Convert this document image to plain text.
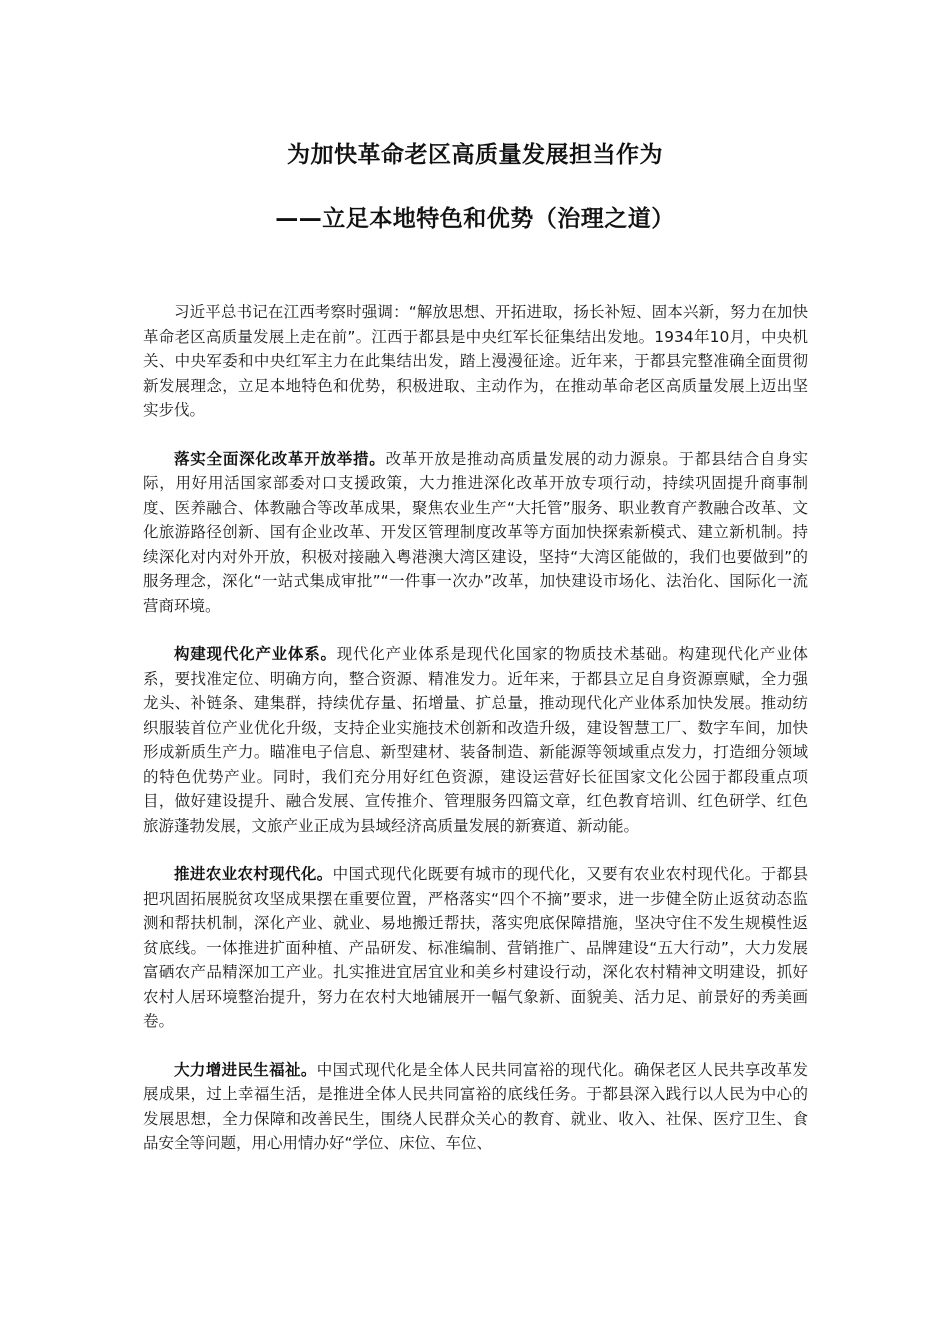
为加快革命老区高质量发展担当作为
——立足本地特色和优势（治理之道）

习近平总书记在江西考察时强调：“解放思想、开拓进取，扬长补短、固本兴新，努力在加快革命老区高质量发展上走在前”。江西于都县是中央红军长征集结出发地。1934年10月，中央机关、中央军委和中央红军主力在此集结出发，踏上漫漫征途。近年来，于都县完整准确全面贯彻新发展理念，立足本地特色和优势，积极进取、主动作为，在推动革命老区高质量发展上迈出坚实步伐。

落实全面深化改革开放举措。改革开放是推动高质量发展的动力源泉。于都县结合自身实际，用好用活国家部委对口支援政策，大力推进深化改革开放专项行动，持续巩固提升商事制度、医养融合、体教融合等改革成果，聚焦农业生产“大托管”服务、职业教育产教融合改革、文化旅游路径创新、国有企业改革、开发区管理制度改革等方面加快探索新模式、建立新机制。持续深化对内对外开放，积极对接融入粤港澳大湾区建设，坚持“大湾区能做的，我们也要做到”的服务理念，深化“一站式集成审批”“一件事一次办”改革，加快建设市场化、法治化、国际化一流营商环境。

构建现代化产业体系。现代化产业体系是现代化国家的物质技术基础。构建现代化产业体系，要找准定位、明确方向，整合资源、精准发力。近年来，于都县立足自身资源禀赋，全力强龙头、补链条、建集群，持续优存量、拓增量、扩总量，推动现代化产业体系加快发展。推动纺织服装首位产业优化升级，支持企业实施技术创新和改造升级，建设智慧工厂、数字车间，加快形成新质生产力。瞄准电子信息、新型建材、装备制造、新能源等领域重点发力，打造细分领域的特色优势产业。同时，我们充分用好红色资源，建设运营好长征国家文化公园于都段重点项目，做好建设提升、融合发展、宣传推介、管理服务四篇文章，红色教育培训、红色研学、红色旅游蓬勃发展，文旅产业正成为县域经济高质量发展的新赛道、新动能。

推进农业农村现代化。中国式现代化既要有城市的现代化，又要有农业农村现代化。于都县把巩固拓展脱贫攻坚成果摆在重要位置，严格落实“四个不摘”要求，进一步健全防止返贫动态监测和帮扶机制，深化产业、就业、易地搬迁帮扶，落实兜底保障措施，坚决守住不发生规模性返贫底线。一体推进扩面种植、产品研发、标准编制、营销推广、品牌建设“五大行动”，大力发展富硒农产品精深加工产业。扎实推进宜居宜业和美乡村建设行动，深化农村精神文明建设，抓好农村人居环境整治提升，努力在农村大地铺展开一幅气象新、面貌美、活力足、前景好的秀美画卷。

大力增进民生福祉。中国式现代化是全体人民共同富裕的现代化。确保老区人民共享改革发展成果，过上幸福生活，是推进全体人民共同富裕的底线任务。于都县深入践行以人民为中心的发展思想，全力保障和改善民生，围绕人民群众关心的教育、就业、收入、社保、医疗卫生、食品安全等问题，用心用情办好“学位、床位、车位、
